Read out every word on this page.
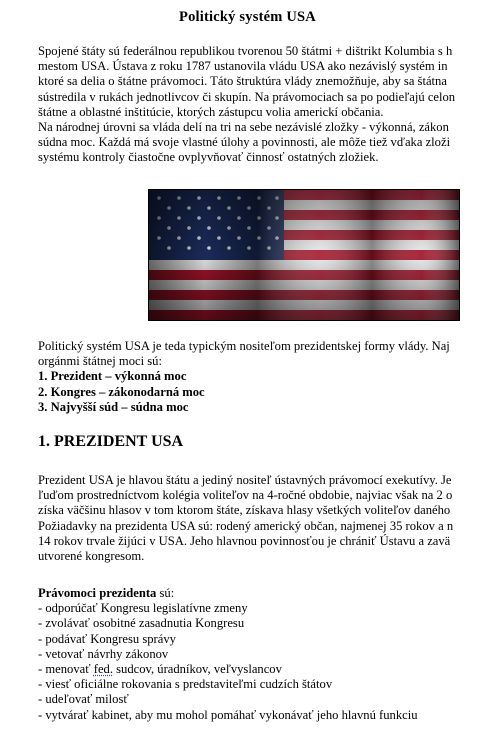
Politický systém USA
Spojené štáty sú federálnou republikou tvorenou 50 štátmi + dištrikt Kolumbia s h
mestom USA. Ústava z roku 1787 ustanovila vládu USA ako nezávislý systém in
ktoré sa delia o štátne právomoci. Táto štruktúra vlády znemožňuje, aby sa štátna
sústredila v rukách jednotlivcov či skupín. Na právomociach sa po podieľajú celon
štátne a oblastné inštitúcie, ktorých zástupcu volia americkí občania.
Na národnej úrovni sa vláda delí na tri na sebe nezávislé zložky - výkonná, zákon
súdna moc. Každá má svoje vlastné úlohy a povinnosti, ale môže tiež vďaka zloži
systému kontroly čiastočne ovplyvňovať činnosť ostatných zložiek.
Politický systém USA je teda typickým nositeľom prezidentskej formy vlády. Naj
orgánmi štátnej moci sú:
1. Prezident – výkonná moc
2. Kongres – zákonodarná moc
3. Najvyšší súd – súdna moc
1. PREZIDENT USA
Prezident USA je hlavou štátu a jediný nositeľ ústavných právomocí exekutívy. Je
ľuďom prostredníctvom kolégia voliteľov na 4-ročné obdobie, najviac však na 2 o
získa väčšinu hlasov v tom ktorom štáte, získava hlasy všetkých voliteľov daného
Požiadavky na prezidenta USA sú: rodený americký občan, najmenej 35 rokov a n
14 rokov trvale žijúci v USA. Jeho hlavnou povinnosťou je chrániť Ústavu a zavä
utvorené kongresom.
Právomoci prezidenta sú:
- odporúčať Kongresu legislatívne zmeny
- zvolávať osobitné zasadnutia Kongresu
- podávať Kongresu správy
- vetovať návrhy zákonov
- menovať fed. sudcov, úradníkov, veľvyslancov
- viesť oficiálne rokovania s predstaviteľmi cudzích štátov
- udeľovať milosť
- vytvárať kabinet, aby mu mohol pomáhať vykonávať jeho hlavnú funkciu
